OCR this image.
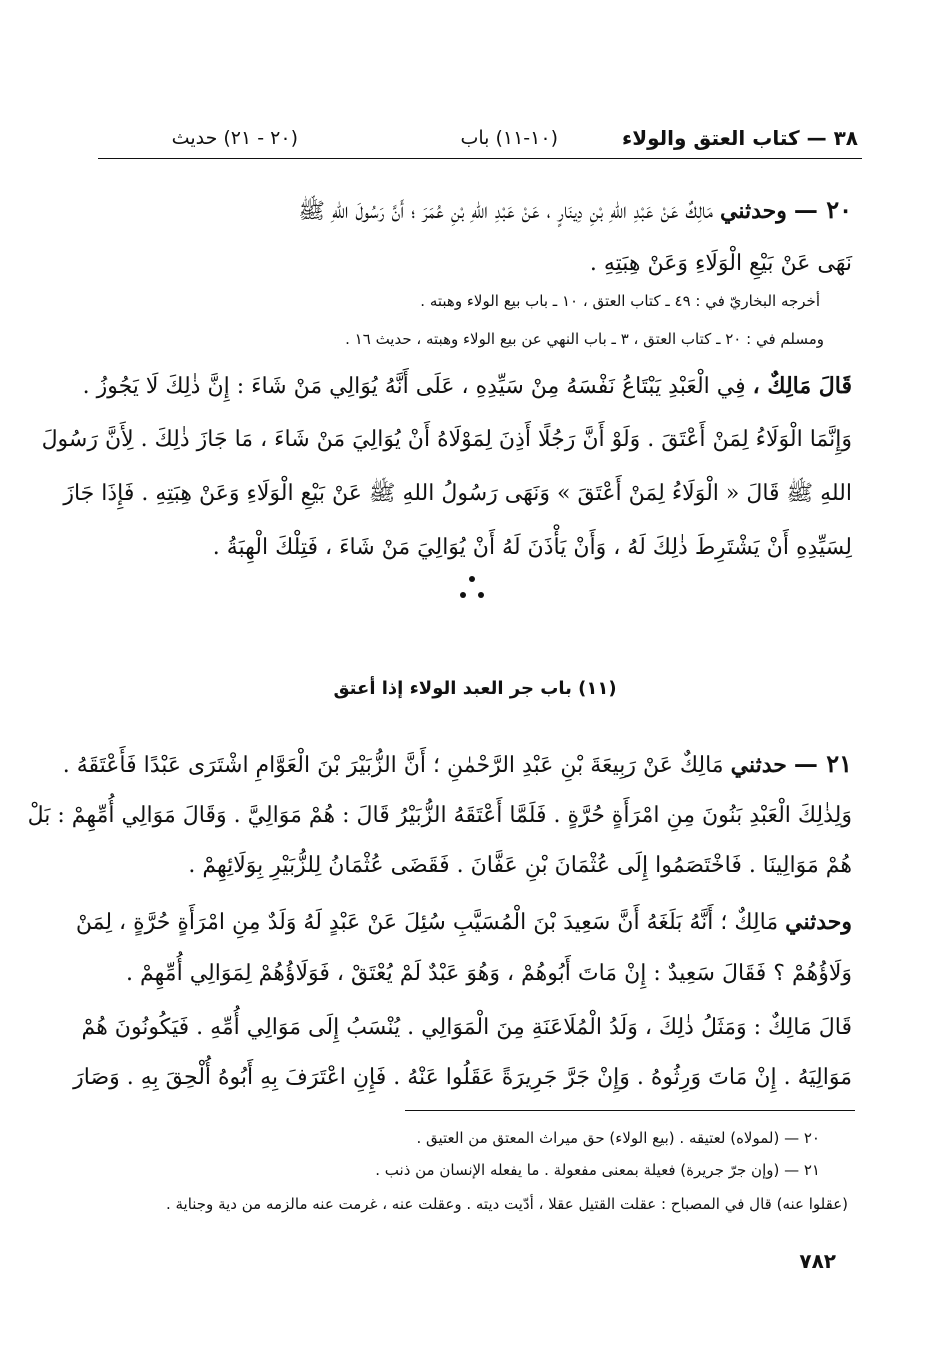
٣٨ — كتاب العتق والولاء
(١٠-١١) باب
(٢٠ - ٢١) حديث
٢٠ — وحدثني مَالِكٌ عَنْ عَبْدِ اللهِ بْنِ دِينَارٍ ، عَنْ عَبْدِ اللهِ بْنِ عُمَرَ ؛ أَنَّ رَسُولَ اللهِ ﷺ
نَهَى عَنْ بَيْعِ الْوَلَاءِ وَعَنْ هِبَتِهِ .
أخرجه البخاريّ في : ٤٩ ـ كتاب العتق ، ١٠ ـ باب بيع الولاء وهبته .
ومسلم في : ٢٠ ـ كتاب العتق ، ٣ ـ باب النهي عن بيع الولاء وهبته ، حديث ١٦ .
قَالَ مَالِكٌ ، فِي الْعَبْدِ يَبْتَاعُ نَفْسَهُ مِنْ سَيِّدِهِ ، عَلَى أَنَّهُ يُوَالِي مَنْ شَاءَ : إِنَّ ذٰلِكَ لَا يَجُوزُ .
وَإِنَّمَا الْوَلَاءُ لِمَنْ أَعْتَقَ . وَلَوْ أَنَّ رَجُلًا أَذِنَ لِمَوْلَاهُ أَنْ يُوَالِيَ مَنْ شَاءَ ، مَا جَازَ ذٰلِكَ . لِأَنَّ رَسُولَ
اللهِ ﷺ قَالَ « الْوَلَاءُ لِمَنْ أَعْتَقَ » وَنَهَى رَسُولُ اللهِ ﷺ عَنْ بَيْعِ الْوَلَاءِ وَعَنْ هِبَتِهِ . فَإِذَا جَازَ
لِسَيِّدِهِ أَنْ يَشْتَرِطَ ذٰلِكَ لَهُ ، وَأَنْ يَأْذَنَ لَهُ أَنْ يُوَالِيَ مَنْ شَاءَ ، فَتِلْكَ الْهِبَةُ .
(١١) باب جر العبد الولاء إذا أعتق
٢١ — حدثني مَالِكٌ عَنْ رَبِيعَةَ بْنِ عَبْدِ الرَّحْمٰنِ ؛ أَنَّ الزُّبَيْرَ بْنَ الْعَوَّامِ اشْتَرَى عَبْدًا فَأَعْتَقَهُ .
وَلِذٰلِكَ الْعَبْدِ بَنُونَ مِنِ امْرَأَةٍ حُرَّةٍ . فَلَمَّا أَعْتَقَهُ الزُّبَيْرُ قَالَ : هُمْ مَوَالِيَّ . وَقَالَ مَوَالِي أُمِّهِمْ : بَلْ
هُمْ مَوَالِينَا . فَاخْتَصَمُوا إِلَى عُثْمَانَ بْنِ عَفَّانَ . فَقَضَى عُثْمَانُ لِلزُّبَيْرِ بِوَلَائِهِمْ .
وحدثني مَالِكٌ ؛ أَنَّهُ بَلَغَهُ أَنَّ سَعِيدَ بْنَ الْمُسَيَّبِ سُئِلَ عَنْ عَبْدٍ لَهُ وَلَدٌ مِنِ امْرَأَةٍ حُرَّةٍ ، لِمَنْ
وَلَاؤُهُمْ ؟ فَقَالَ سَعِيدٌ : إِنْ مَاتَ أَبُوهُمْ ، وَهُوَ عَبْدٌ لَمْ يُعْتَقْ ، فَوَلَاؤُهُمْ لِمَوَالِي أُمِّهِمْ .
قَالَ مَالِكٌ : وَمَثَلُ ذٰلِكَ ، وَلَدُ الْمُلَاعَنَةِ مِنَ الْمَوَالِي . يُنْسَبُ إِلَى مَوَالِي أُمِّهِ . فَيَكُونُونَ هُمْ
مَوَالِيَهُ . إِنْ مَاتَ وَرِثُوهُ . وَإِنْ جَرَّ جَرِيرَةً عَقَلُوا عَنْهُ . فَإِنِ اعْتَرَفَ بِهِ أَبُوهُ أُلْحِقَ بِهِ . وَصَارَ
٢٠ — (لمولاه) لعتيقه . (بيع الولاء) حق ميراث المعتق من العتيق .
٢١ — (وإن جرّ جريرة) فعيلة بمعنى مفعولة . ما يفعله الإنسان من ذنب .
(عقلوا عنه) قال في المصباح : عقلت القتيل عقلا ، أدّيت ديته . وعقلت عنه ، غرمت عنه مالزمه من دية وجناية .
٧٨٢
